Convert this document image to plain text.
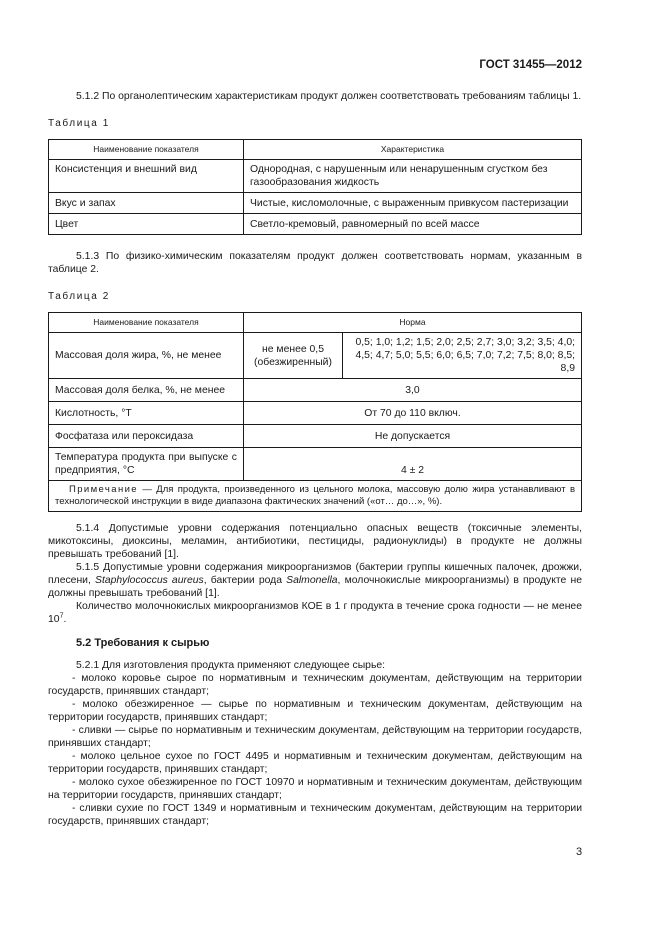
ГОСТ 31455—2012

5.1.2 По органолептическим характеристикам продукт должен соответствовать требованиям таблицы 1.

Таблица 1
Наименование показателя	Характеристика
Консистенция и внешний вид	Однородная, с нарушенным или ненарушенным сгустком без газообразования жидкость
Вкус и запах	Чистые, кисломолочные, с выраженным привкусом пастеризации
Цвет	Светло-кремовый, равномерный по всей массе

5.1.3 По физико-химическим показателям продукт должен соответствовать нормам, указанным в таблице 2.

Таблица 2
Наименование показателя	Норма	
Массовая доля жира, %, не менее	не менее 0,5 (обезжиренный)	0,5; 1,0; 1,2; 1,5; 2,0; 2,5; 2,7; 3,0; 3,2; 3,5; 4,0; 4,5; 4,7; 5,0; 5,5; 6,0; 6,5; 7,0; 7,2; 7,5; 8,0; 8,5; 8,9
Массовая доля белка, %, не менее	3,0	
Кислотность, °Т	От 70 до 110 включ.	
Фосфатаза или пероксидаза	Не допускается	
Температура продукта при выпуске с предприятия, °С	4 ± 2	
Примечание — Для продукта, произведенного из цельного молока, массовую долю жира устанавливают в технологической инструкции в виде диапазона фактических значений («от… до…», %).		

5.1.4 Допустимые уровни содержания потенциально опасных веществ (токсичные элементы, микотоксины, диоксины, меламин, антибиотики, пестициды, радионуклиды) в продукте не должны превышать требований [1].

5.1.5 Допустимые уровни содержания микроорганизмов (бактерии группы кишечных палочек, дрожжи, плесени, Staphylococcus aureus, бактерии рода Salmonella, молочнокислые микроорганизмы) в продукте не должны превышать требований [1].

Количество молочнокислых микроорганизмов КОЕ в 1 г продукта в течение срока годности — не менее $10^7$.

5.2 Требования к сырью

5.2.1 Для изготовления продукта применяют следующее сырье:

- молоко коровье сырое по нормативным и техническим документам, действующим на территории государств, принявших стандарт;

- молоко обезжиренное — сырье по нормативным и техническим документам, действующим на территории государств, принявших стандарт;

- сливки — сырье по нормативным и техническим документам, действующим на территории государств, принявших стандарт;

- молоко цельное сухое по ГОСТ 4495 и нормативным и техническим документам, действующим на территории государств, принявших стандарт;

- молоко сухое обезжиренное по ГОСТ 10970 и нормативным и техническим документам, действующим на территории государств, принявших стандарт;

- сливки сухие по ГОСТ 1349 и нормативным и техническим документам, действующим на территории государств, принявших стандарт;

3
